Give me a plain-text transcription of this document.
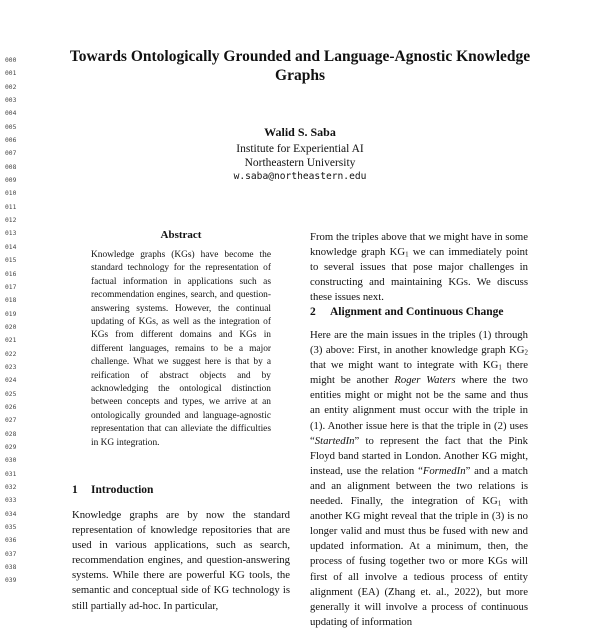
000
001
002
003
004
005
006
007
008
009
010
011
012
013
014
015
016
017
018
019
020
021
022
023
024
025
026
027
028
029
030
031
032
033
034
035
036
037
038
039
Towards Ontologically Grounded and Language-Agnostic Knowledge Graphs
Walid S. Saba
Institute for Experiential AI
Northeastern University
w.saba@northeastern.edu
Abstract

Knowledge graphs (KGs) have become the standard technology for the representation of factual information in applications such as recommendation engines, search, and question-answering systems. However, the continual updating of KGs, as well as the integration of KGs from different domains and KGs in different languages, remains to be a major challenge. What we suggest here is that by a reification of abstract objects and by acknowledging the ontological distinction between concepts and types, we arrive at an ontologically grounded and language-agnostic representation that can alleviate the difficulties in KG integration.

1 Introduction

Knowledge graphs are by now the standard representation of knowledge repositories that are used in various applications, such as search, recommendation engines, and question-answering systems. While there are powerful KG tools, the semantic and conceptual side of KG technology is still partially ad-hoc. In particular,

From the triples above that we might have in some knowledge graph $KG_1$ we can immediately point to several issues that pose major challenges in constructing and maintaining KGs. We discuss these issues next.

2 Alignment and Continuous Change

Here are the main issues in the triples (1) through (3) above: First, in another knowledge graph $KG_2$ that we might want to integrate with $KG_1$ there might be another Roger Waters where the two entities might or might not be the same and thus an entity alignment must occur with the triple in (1). Another issue here is that the triple in (2) uses “StartedIn” to represent the fact that the Pink Floyd band started in London. Another KG might, instead, use the relation “FormedIn” and a match and an alignment between the two relations is needed. Finally, the integration of $KG_1$ with another KG might reveal that the triple in (3) is no longer valid and must thus be fused with new and updated information. At a minimum, then, the process of fusing together two or more KGs will first of all involve a tedious process of entity alignment (EA) (Zhang et. al., 2022), but more generally it will involve a process of continuous updating of information
